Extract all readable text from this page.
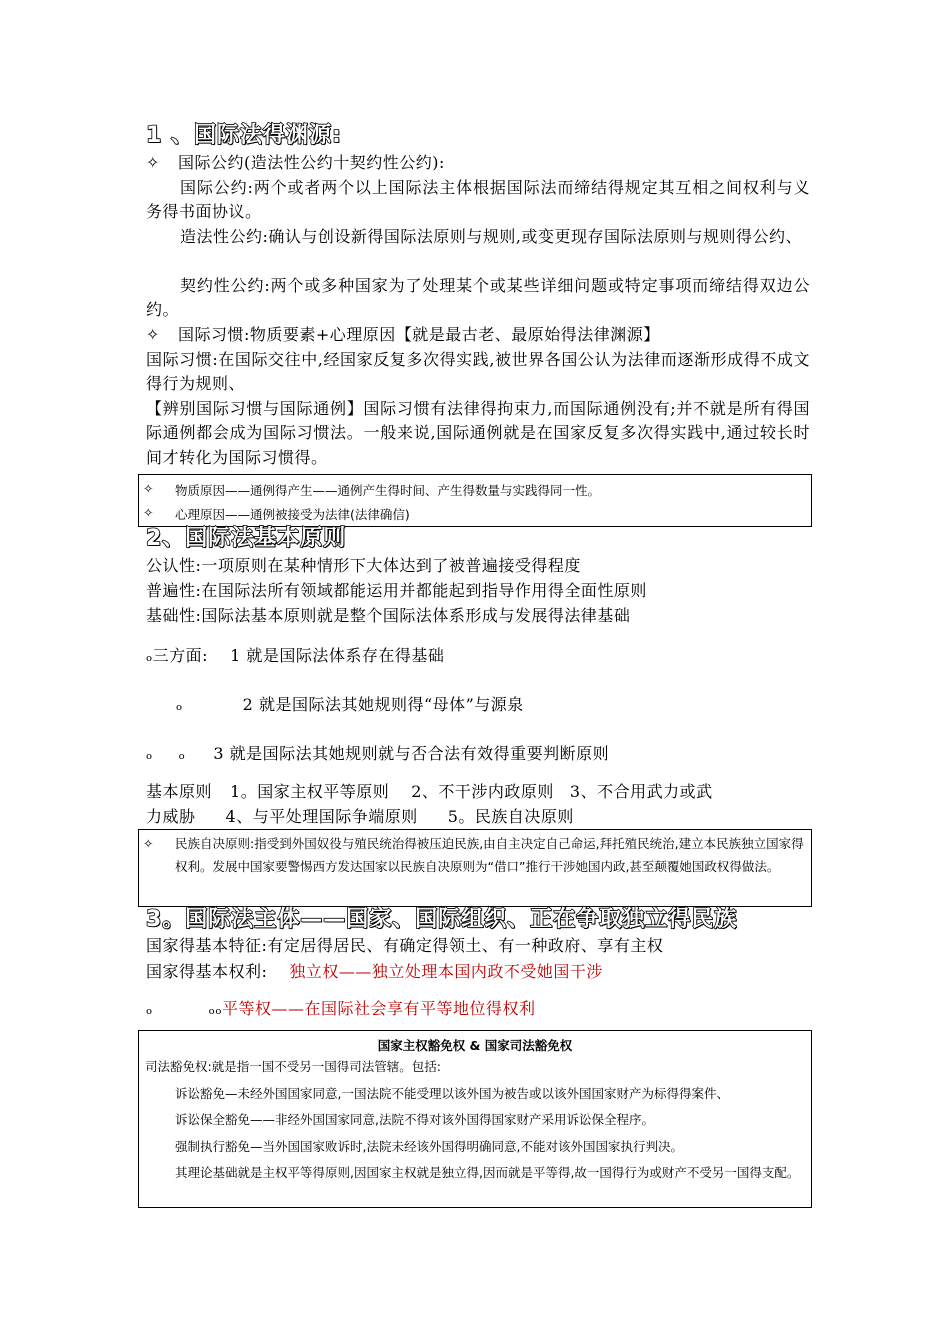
1 、国际法得渊源:
✧ 国际公约(造法性公约十契约性公约):
国际公约:两个或者两个以上国际法主体根据国际法而缔结得规定其互相之间权利与义务得书面协议。
造法性公约:确认与创设新得国际法原则与规则,或变更现存国际法原则与规则得公约、
契约性公约:两个或多种国家为了处理某个或某些详细问题或特定事项而缔结得双边公约。
✧ 国际习惯:物质要素+心理原因【就是最古老、最原始得法律渊源】
国际习惯:在国际交往中,经国家反复多次得实践,被世界各国公认为法律而逐渐形成得不成文得行为规则、
【辨别国际习惯与国际通例】国际习惯有法律得拘束力,而国际通例没有;并不就是所有得国际通例都会成为国际习惯法。一般来说,国际通例就是在国家反复多次得实践中,通过较长时间才转化为国际习惯得。
✧ 物质原因——通例得产生——通例产生得时间、产生得数量与实践得同一性。
✧ 心理原因——通例被接受为法律(法律确信)
2、国际法基本原则
公认性:一项原则在某种情形下大体达到了被普遍接受得程度
普遍性:在国际法所有领域都能运用并都能起到指导作用得全面性原则
基础性:国际法基本原则就是整个国际法体系形成与发展得法律基础
ₒ三方面: 1 就是国际法体系存在得基础
ₒ	2 就是国际法其她规则得“母体”与源泉
ₒ ₒ 3 就是国际法其她规则就与否合法有效得重要判断原则
基本原则 1。国家主权平等原则 2、不干涉内政原则 3、不合用武力或武
力威胁 4、与平处理国际争端原则 5。民族自决原则
✧ 民族自决原则:指受到外国奴役与殖民统治得被压迫民族,由自主决定自己命运,拜托殖民统治,建立本民族独立国家得权利。发展中国家要警惕西方发达国家以民族自决原则为“借口”推行干涉她国内政,甚至颠覆她国政权得做法。
3。国际法主体——国家、国际组织、正在争取独立得民族
国家得基本特征:有定居得居民、有确定得领土、有一种政府、享有主权
国家得基本权利: 独立权——独立处理本国内政不受她国干涉
ₒ	ₒₒ平等权——在国际社会享有平等地位得权利
国家主权豁免权 & 国家司法豁免权
司法豁免权:就是指一国不受另一国得司法管辖。包括:
诉讼豁免—未经外国国家同意,一国法院不能受理以该外国为被告或以该外国国家财产为标得得案件、
诉讼保全豁免——非经外国国家同意,法院不得对该外国得国家财产采用诉讼保全程序。
强制执行豁免—当外国国家败诉时,法院未经该外国得明确同意,不能对该外国国家执行判决。
其理论基础就是主权平等得原则,因国家主权就是独立得,因而就是平等得,故一国得行为或财产不受另一国得支配。
